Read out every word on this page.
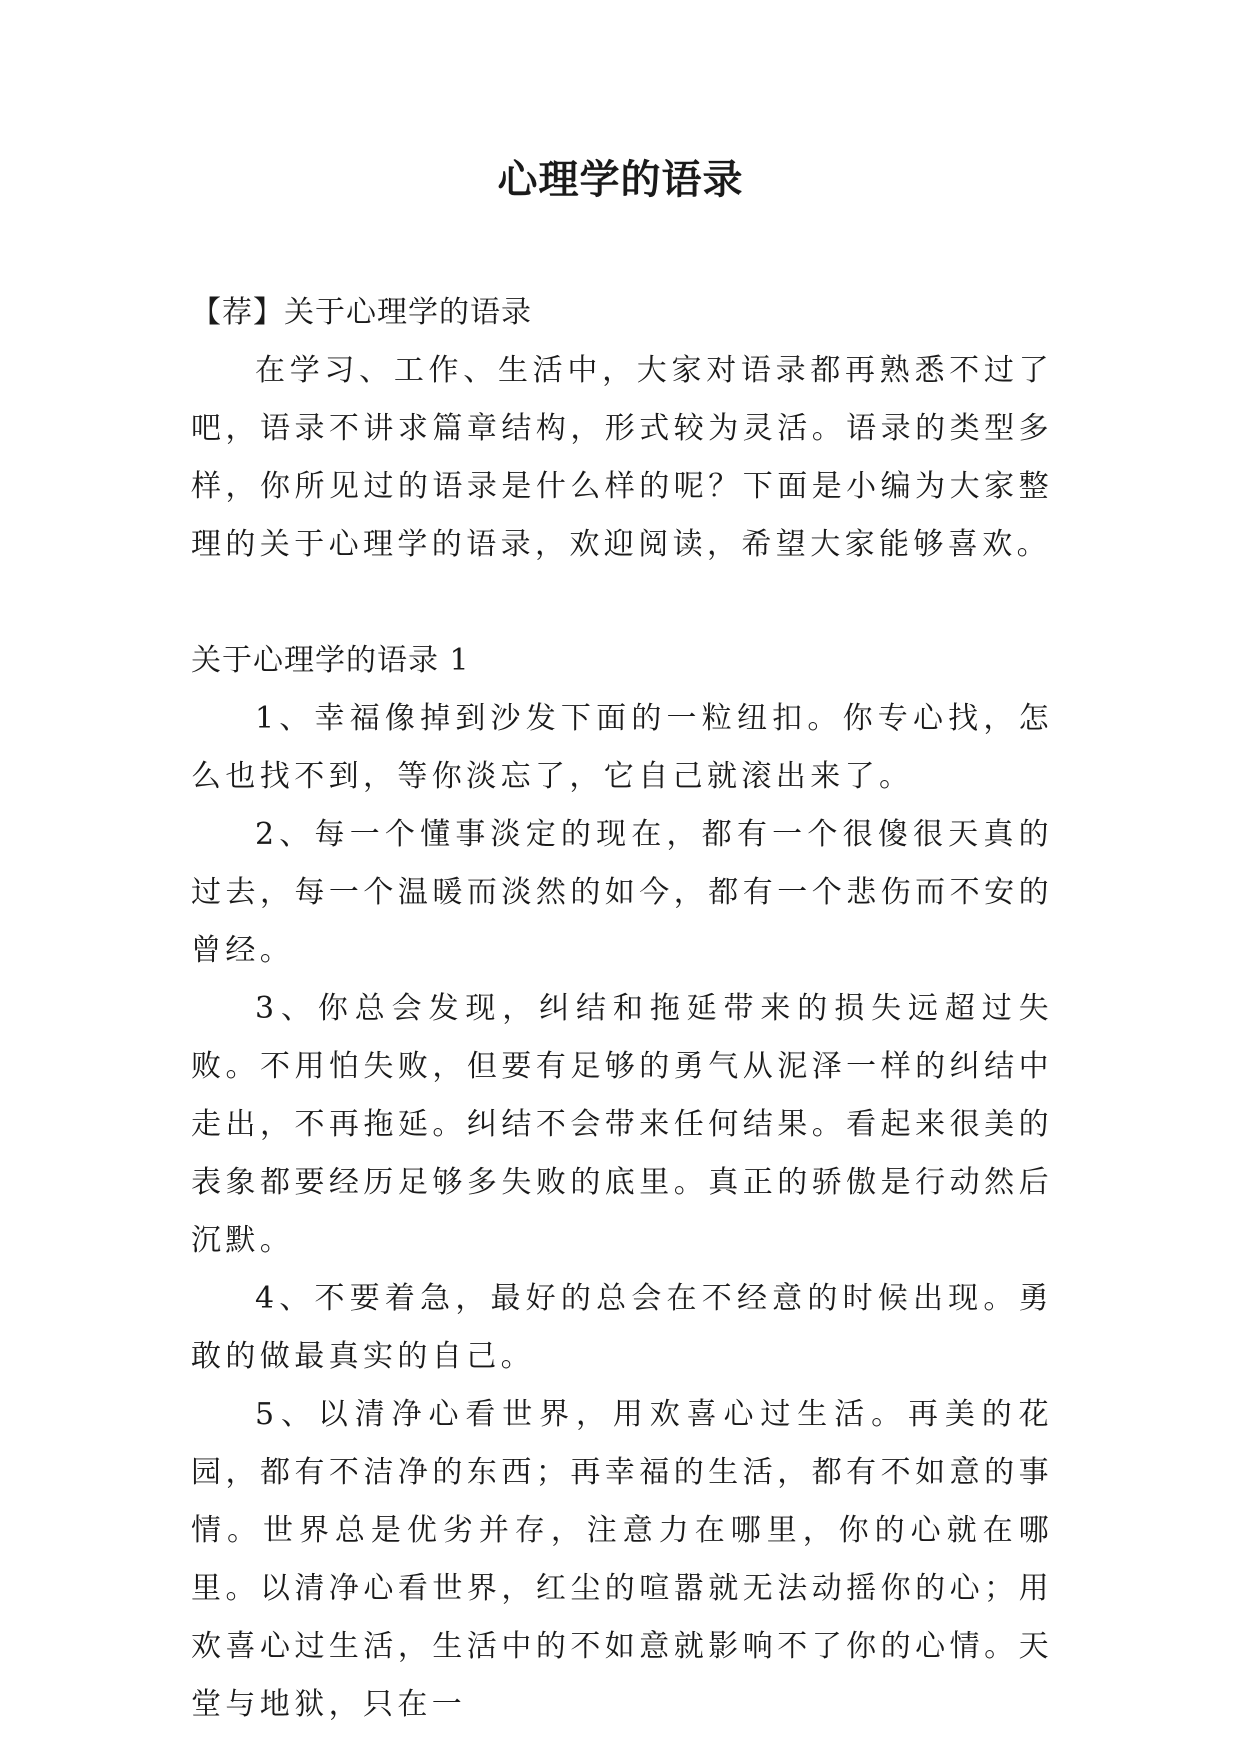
心理学的语录

【荐】关于心理学的语录

在学习、工作、生活中，大家对语录都再熟悉不过了吧，语录不讲求篇章结构，形式较为灵活。语录的类型多样，你所见过的语录是什么样的呢？下面是小编为大家整理的关于心理学的语录，欢迎阅读，希望大家能够喜欢。

关于心理学的语录 1

1、幸福像掉到沙发下面的一粒纽扣。你专心找，怎么也找不到，等你淡忘了，它自己就滚出来了。

2、每一个懂事淡定的现在，都有一个很傻很天真的过去，每一个温暖而淡然的如今，都有一个悲伤而不安的曾经。

3、你总会发现，纠结和拖延带来的损失远超过失败。不用怕失败，但要有足够的勇气从泥泽一样的纠结中走出，不再拖延。纠结不会带来任何结果。看起来很美的表象都要经历足够多失败的底里。真正的骄傲是行动然后沉默。

4、不要着急，最好的总会在不经意的时候出现。勇敢的做最真实的自己。

5、以清净心看世界，用欢喜心过生活。再美的花园，都有不洁净的东西；再幸福的生活，都有不如意的事情。世界总是优劣并存，注意力在哪里，你的心就在哪里。以清净心看世界，红尘的喧嚣就无法动摇你的心；用欢喜心过生活，生活中的不如意就影响不了你的心情。天堂与地狱，只在一
